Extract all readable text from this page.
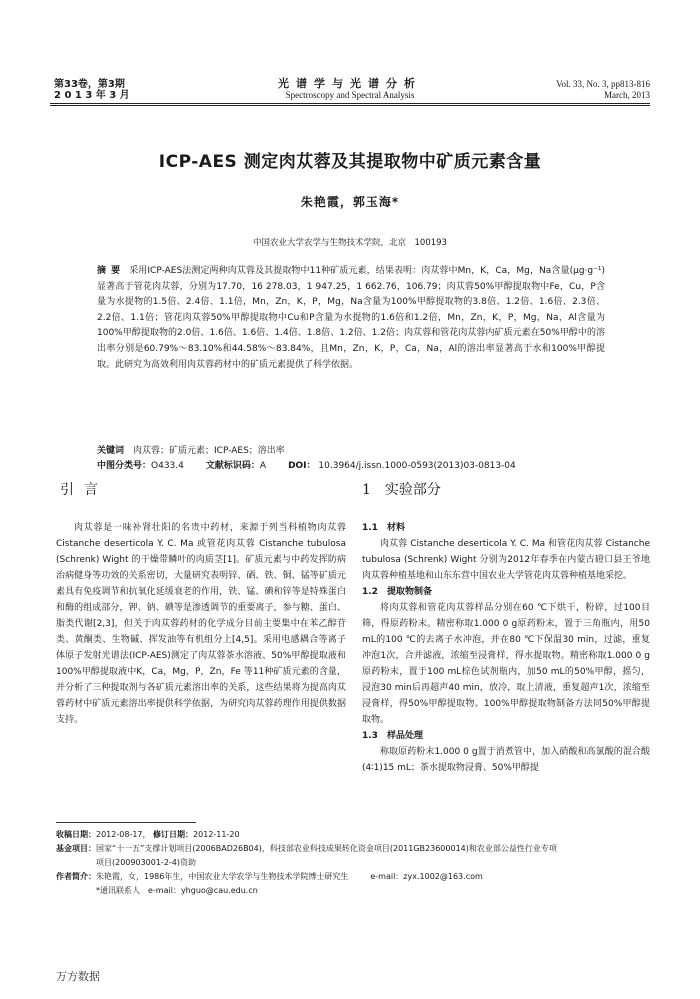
第33卷，第3期
2 0 1 3 年 3 月
光谱学与光谱分析
Spectroscopy and Spectral Analysis
Vol. 33, No. 3, pp813-816
March, 2013
ICP-AES 测定肉苁蓉及其提取物中矿质元素含量
朱艳霞，郭玉海*
中国农业大学农学与生物技术学院，北京　100193
摘要 采用ICP-AES法测定两种肉苁蓉及其提取物中11种矿质元素，结果表明：肉苁蓉中Mn，K，Ca，Mg，Na含量(μg·g⁻¹)显著高于管花肉苁蓉，分别为17.70，16 278.03，1 947.25，1 662.76，106.79；肉苁蓉50%甲醇提取物中Fe，Cu，P含量为水提物的1.5倍、2.4倍、1.1倍，Mn，Zn，K，P，Mg，Na含量为100%甲醇提取物的3.8倍、1.2倍、1.6倍、2.3倍、2.2倍、1.1倍；管花肉苁蓉50%甲醇提取物中Cu和P含量为水提物的1.6倍和1.2倍，Mn，Zn，K，P，Mg，Na，Al含量为100%甲醇提取物的2.0倍、1.6倍、1.6倍、1.4倍、1.8倍、1.2倍、1.2倍；肉苁蓉和管花肉苁蓉内矿质元素在50%甲醇中的溶出率分别是60.79%～83.10%和44.58%～83.84%，且Mn，Zn，K，P，Ca，Na，Al的溶出率显著高于水和100%甲醇提取。此研究为高效利用肉苁蓉药材中的矿质元素提供了科学依据。
关键词　 肉苁蓉；矿质元素；ICP-AES；溶出率
中图分类号：O433.4 文献标识码：A DOI： 10.3964/j.issn.1000-0593(2013)03-0813-04
引言

肉苁蓉是一味补肾壮阳的名贵中药材，来源于列当科植物肉苁蓉 Cistanche deserticola Y. C. Ma 或管花肉苁蓉 Cistanche tubulosa (Schrenk) Wight 的干燥带鳞叶的肉质茎[1]。矿质元素与中药发挥防病治病健身等功效的关系密切，大量研究表明锌、硒、铁、铜、锰等矿质元素具有免疫调节和抗氧化延缓衰老的作用，铁、锰、碘和锌等是特殊蛋白和酶的组成部分，钾、钠、碘等是渗透调节的重要离子，参与糖、蛋白、脂类代谢[2,3]，但关于肉苁蓉药材的化学成分目前主要集中在苯乙醇苷类、黄酮类、生物碱、挥发油等有机组分上[4,5]。采用电感耦合等离子体原子发射光谱法(ICP-AES)测定了肉苁蓉茶水溶液、50%甲醇提取液和100%甲醇提取液中K，Ca，Mg，P，Zn，Fe 等11种矿质元素的含量，并分析了三种提取剂与各矿质元素溶出率的关系，这些结果将为提高肉苁蓉药材中矿质元素溶出率提供科学依据，为研究肉苁蓉药理作用提供数据支持。

1　实验部分

1.1　材料

肉苁蓉 Cistanche deserticola Y. C. Ma 和管花肉苁蓉 Cistanche tubulosa (Schrenk) Wight 分别为2012年春季在内蒙古磴口县王爷地肉苁蓉种植基地和山东东营中国农业大学管花肉苁蓉种植基地采挖。

1.2　提取物制备

将肉苁蓉和管花肉苁蓉样品分别在60 ℃下烘干，粉碎，过100目筛，得原药粉末。精密称取1.000 0 g原药粉末，置于三角瓶内，用50 mL的100 ℃的去离子水冲泡，并在80 ℃下保温30 min，过滤，重复冲泡1次，合并滤液，浓缩至浸膏样，得水提取物。精密称取1.000 0 g原药粉末，置于100 mL棕色试剂瓶内，加50 mL的50%甲醇，摇匀，浸泡30 min后再超声40 min，放冷，取上清液，重复超声1次，浓缩至浸膏样，得50%甲醇提取物。100%甲醇提取物制备方法同50%甲醇提取物。

1.3　样品处理

称取原药粉末1.000 0 g置于消煮管中，加入硝酸和高氯酸的混合酸(4∶1)15 mL；茶水提取物浸膏、50%甲醇提

收稿日期：2012-08-17， 修订日期：2012-11-20
基金项目：国家“十一五”支撑计划项目(2006BAD26B04)，科技部农业科技成果转化资金项目(2011GB23600014)和农业部公益性行业专项
项目(200903001-2-4)资助
作者简介：朱艳霞，女，1986年生，中国农业大学农学与生物技术学院博士研究生	e-mail：zyx.1002@163.com
*通讯联系人　e-mail：yhguo@cau.edu.cn
万方数据
